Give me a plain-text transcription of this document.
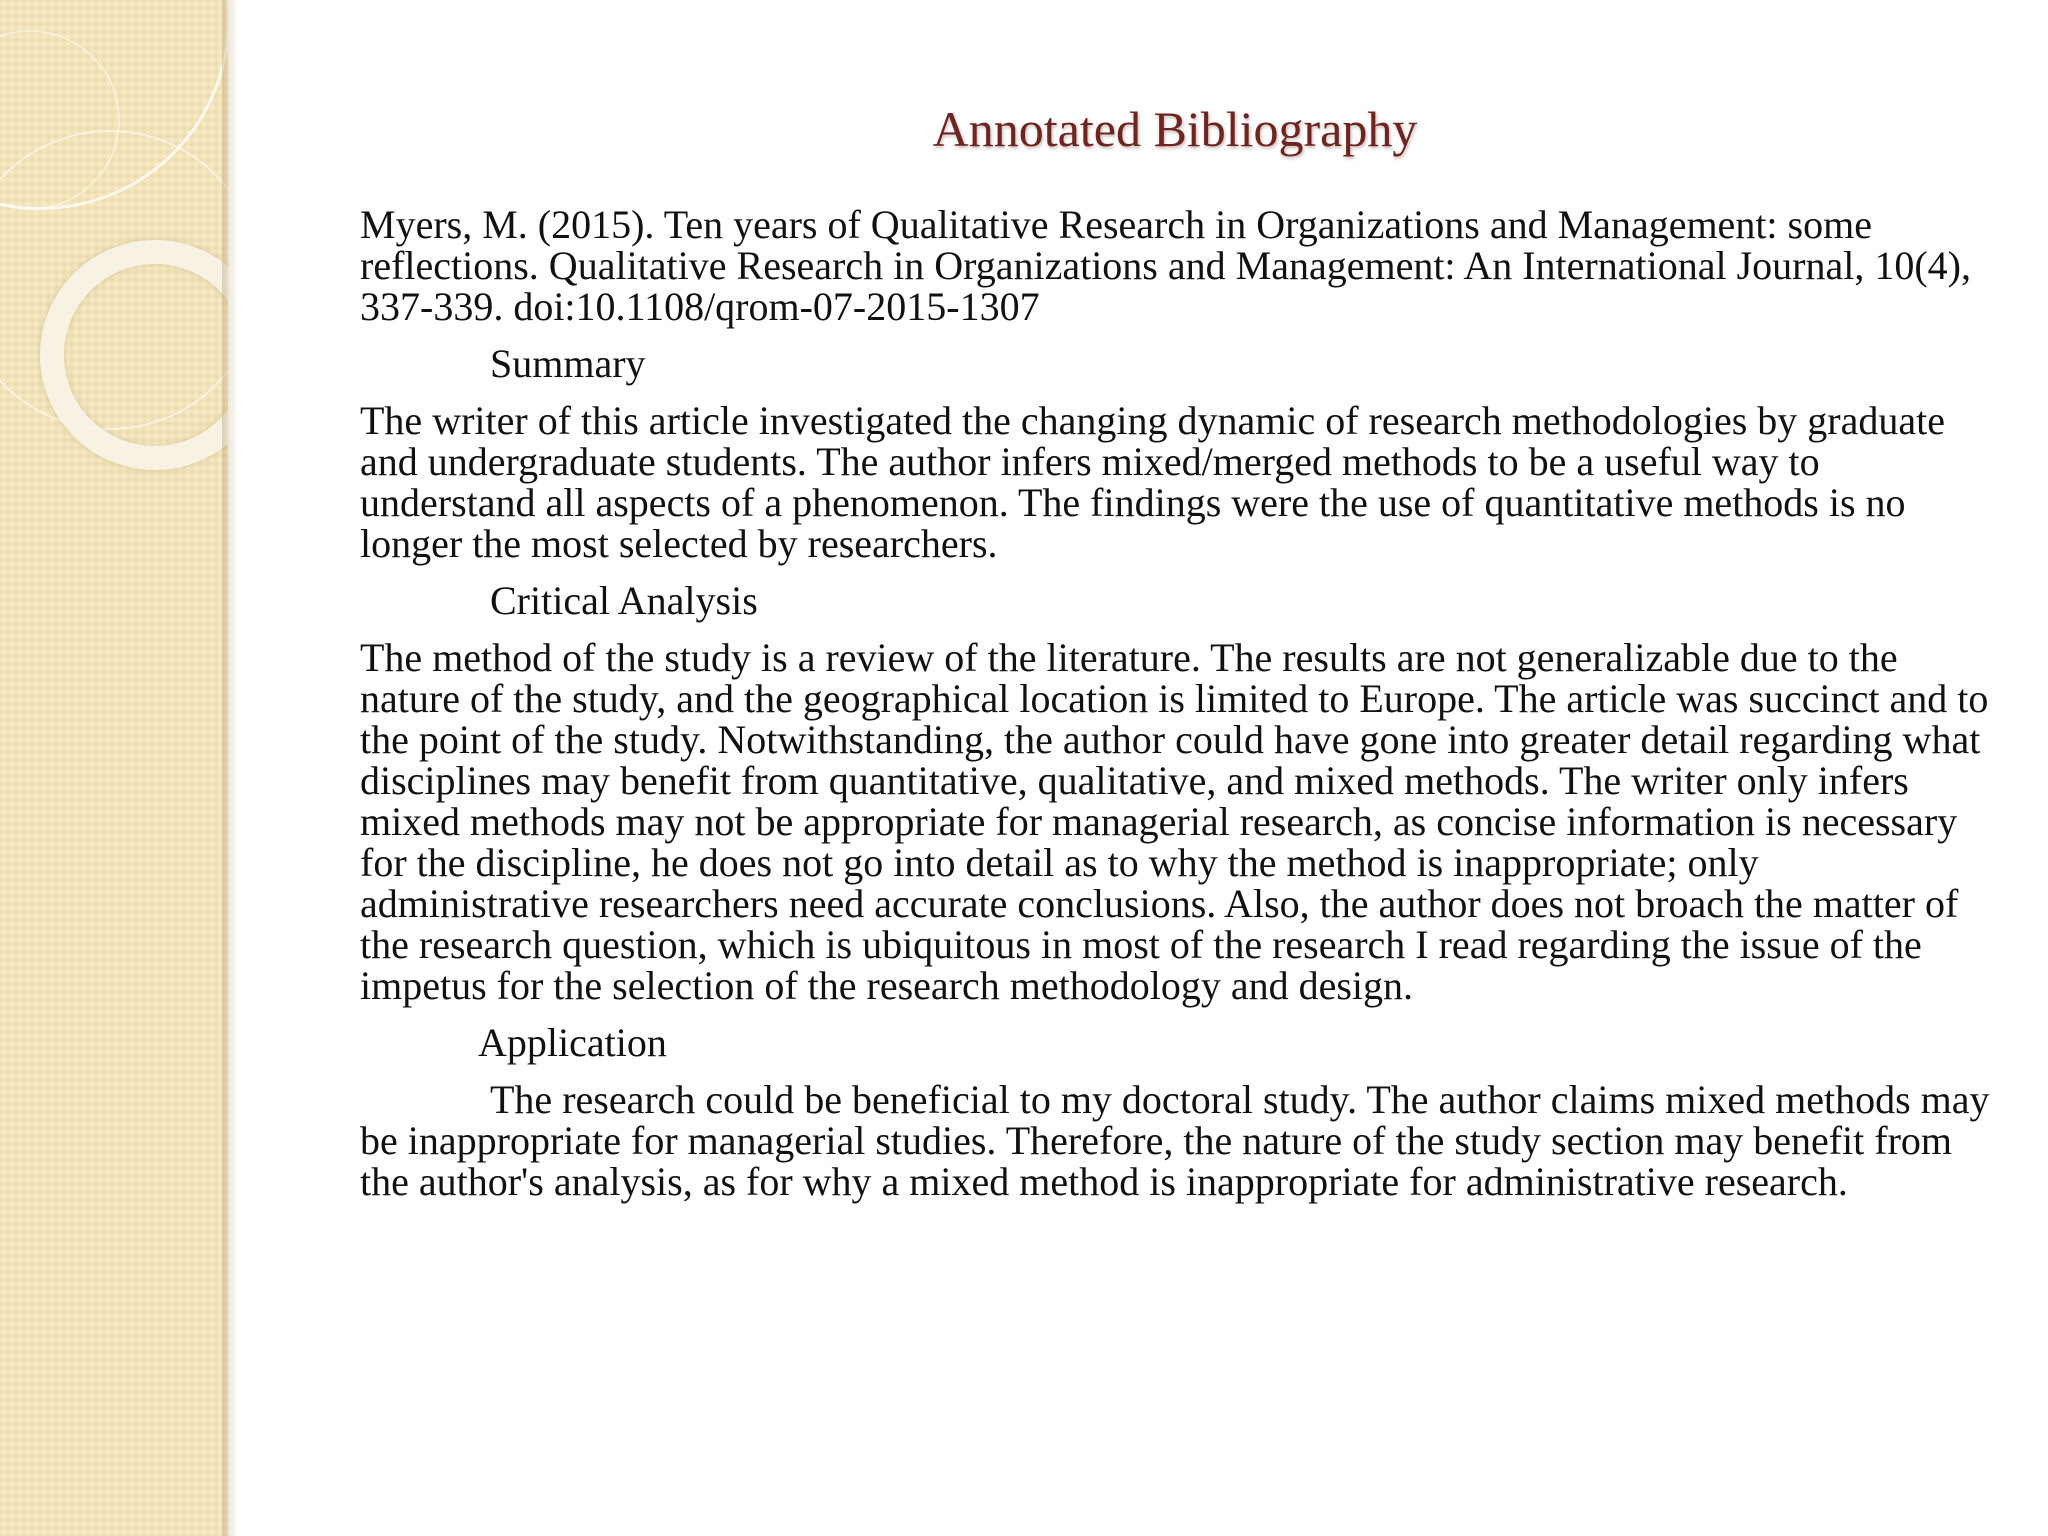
Annotated Bibliography

Myers, M. (2015). Ten years of Qualitative Research in Organizations and Management: some reflections. Qualitative Research in Organizations and Management: An International Journal, 10(4), 337-339. doi:10.1108/qrom-07-2015-1307

Summary

The writer of this article investigated the changing dynamic of research methodologies by graduate and undergraduate students. The author infers mixed/merged methods to be a useful way to understand all aspects of a phenomenon. The findings were the use of quantitative methods is no longer the most selected by researchers.

Critical Analysis

The method of the study is a review of the literature. The results are not generalizable due to the nature of the study, and the geographical location is limited to Europe. The article was succinct and to the point of the study. Notwithstanding, the author could have gone into greater detail regarding what disciplines may benefit from quantitative, qualitative, and mixed methods. The writer only infers mixed methods may not be appropriate for managerial research, as concise information is necessary for the discipline, he does not go into detail as to why the method is inappropriate; only administrative researchers need accurate conclusions. Also, the author does not broach the matter of the research question, which is ubiquitous in most of the research I read regarding the issue of the impetus for the selection of the research methodology and design.

Application

The research could be beneficial to my doctoral study. The author claims mixed methods may be inappropriate for managerial studies. Therefore, the nature of the study section may benefit from the author's analysis, as for why a mixed method is inappropriate for administrative research.
